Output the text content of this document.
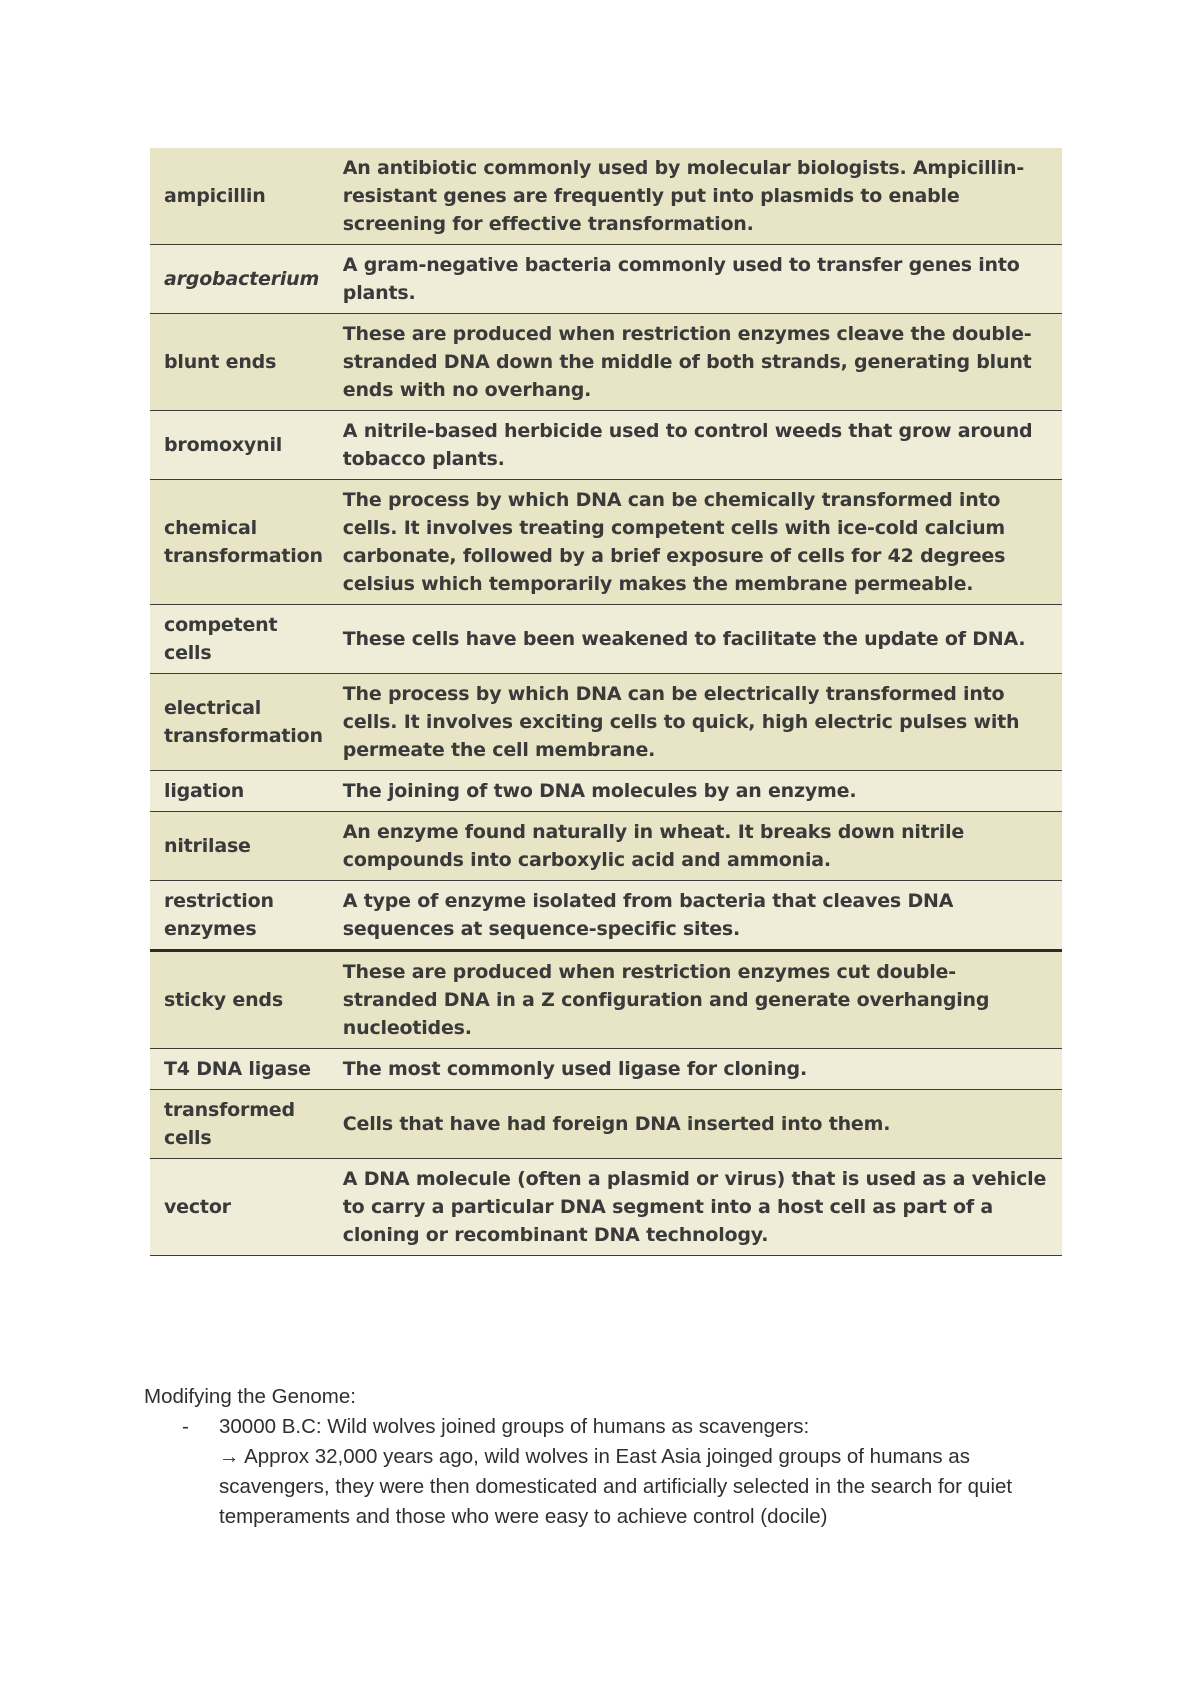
ampicillin	An antibiotic commonly used by molecular biologists. Ampicillin-resistant genes are frequently put into plasmids to enable screening for effective transformation.
argobacterium	A gram-negative bacteria commonly used to transfer genes into plants.
blunt ends	These are produced when restriction enzymes cleave the double-stranded DNA down the middle of both strands, generating blunt ends with no overhang.
bromoxynil	A nitrile-based herbicide used to control weeds that grow around tobacco plants.
chemical transformation	The process by which DNA can be chemically transformed into cells. It involves treating competent cells with ice-cold calcium carbonate, followed by a brief exposure of cells for 42 degrees celsius which temporarily makes the membrane permeable.
competent cells	These cells have been weakened to facilitate the update of DNA.
electrical transformation	The process by which DNA can be electrically transformed into cells. It involves exciting cells to quick, high electric pulses with permeate the cell membrane.
ligation	The joining of two DNA molecules by an enzyme.
nitrilase	An enzyme found naturally in wheat. It breaks down nitrile compounds into carboxylic acid and ammonia.
restriction enzymes	A type of enzyme isolated from bacteria that cleaves DNA sequences at sequence-specific sites.
sticky ends	These are produced when restriction enzymes cut double-stranded DNA in a Z configuration and generate overhanging nucleotides.
T4 DNA ligase	The most commonly used ligase for cloning.
transformed cells	Cells that have had foreign DNA inserted into them.
vector	A DNA molecule (often a plasmid or virus) that is used as a vehicle to carry a particular DNA segment into a host cell as part of a cloning or recombinant DNA technology.
Modifying the Genome:
- 30000 B.C: Wild wolves joined groups of humans as scavengers:
→ Approx 32,000 years ago, wild wolves in East Asia joinged groups of humans as scavengers, they were then domesticated and artificially selected in the search for quiet temperaments and those who were easy to achieve control (docile)
